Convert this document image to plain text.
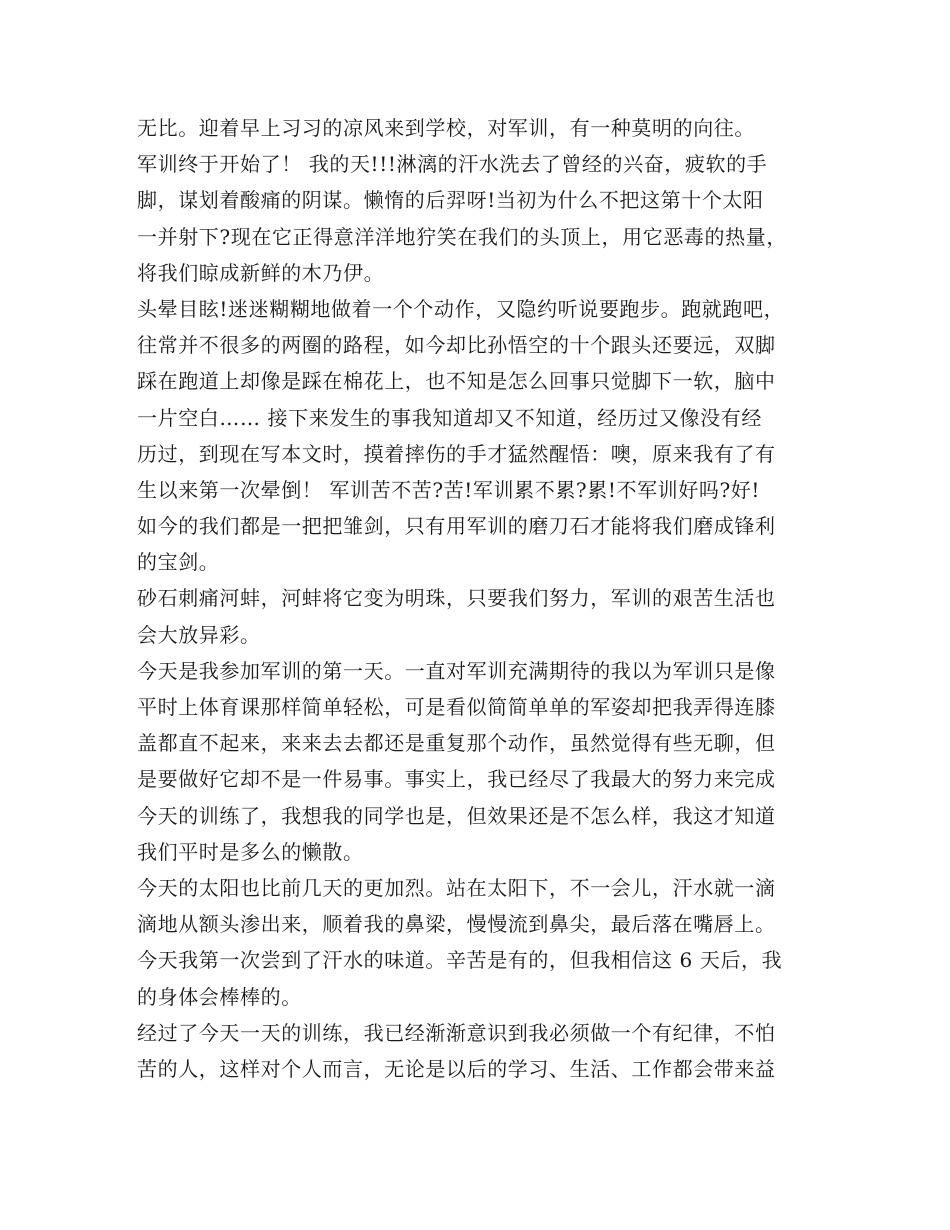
无比。迎着早上习习的凉风来到学校，对军训，有一种莫明的向往。
军训终于开始了！ 我的天!!!淋漓的汗水洗去了曾经的兴奋，疲软的手
脚，谋划着酸痛的阴谋。懒惰的后羿呀!当初为什么不把这第十个太阳
一并射下?现在它正得意洋洋地狞笑在我们的头顶上，用它恶毒的热量，
将我们晾成新鲜的木乃伊。
头晕目眩!迷迷糊糊地做着一个个动作，又隐约听说要跑步。跑就跑吧，
往常并不很多的两圈的路程，如今却比孙悟空的十个跟头还要远，双脚
踩在跑道上却像是踩在棉花上，也不知是怎么回事只觉脚下一软，脑中
一片空白…… 接下来发生的事我知道却又不知道，经历过又像没有经
历过，到现在写本文时，摸着摔伤的手才猛然醒悟：噢，原来我有了有
生以来第一次晕倒！ 军训苦不苦?苦!军训累不累?累!不军训好吗?好!
如今的我们都是一把把雏剑，只有用军训的磨刀石才能将我们磨成锋利
的宝剑。
砂石刺痛河蚌，河蚌将它变为明珠，只要我们努力，军训的艰苦生活也
会大放异彩。
今天是我参加军训的第一天。一直对军训充满期待的我以为军训只是像
平时上体育课那样简单轻松，可是看似简简单单的军姿却把我弄得连膝
盖都直不起来，来来去去都还是重复那个动作，虽然觉得有些无聊，但
是要做好它却不是一件易事。事实上，我已经尽了我最大的努力来完成
今天的训练了，我想我的同学也是，但效果还是不怎么样，我这才知道
我们平时是多么的懒散。
今天的太阳也比前几天的更加烈。站在太阳下，不一会儿，汗水就一滴
滴地从额头渗出来，顺着我的鼻梁，慢慢流到鼻尖，最后落在嘴唇上。
今天我第一次尝到了汗水的味道。辛苦是有的，但我相信这 6 天后，我
的身体会棒棒的。
经过了今天一天的训练，我已经渐渐意识到我必须做一个有纪律，不怕
苦的人，这样对个人而言，无论是以后的学习、生活、工作都会带来益
